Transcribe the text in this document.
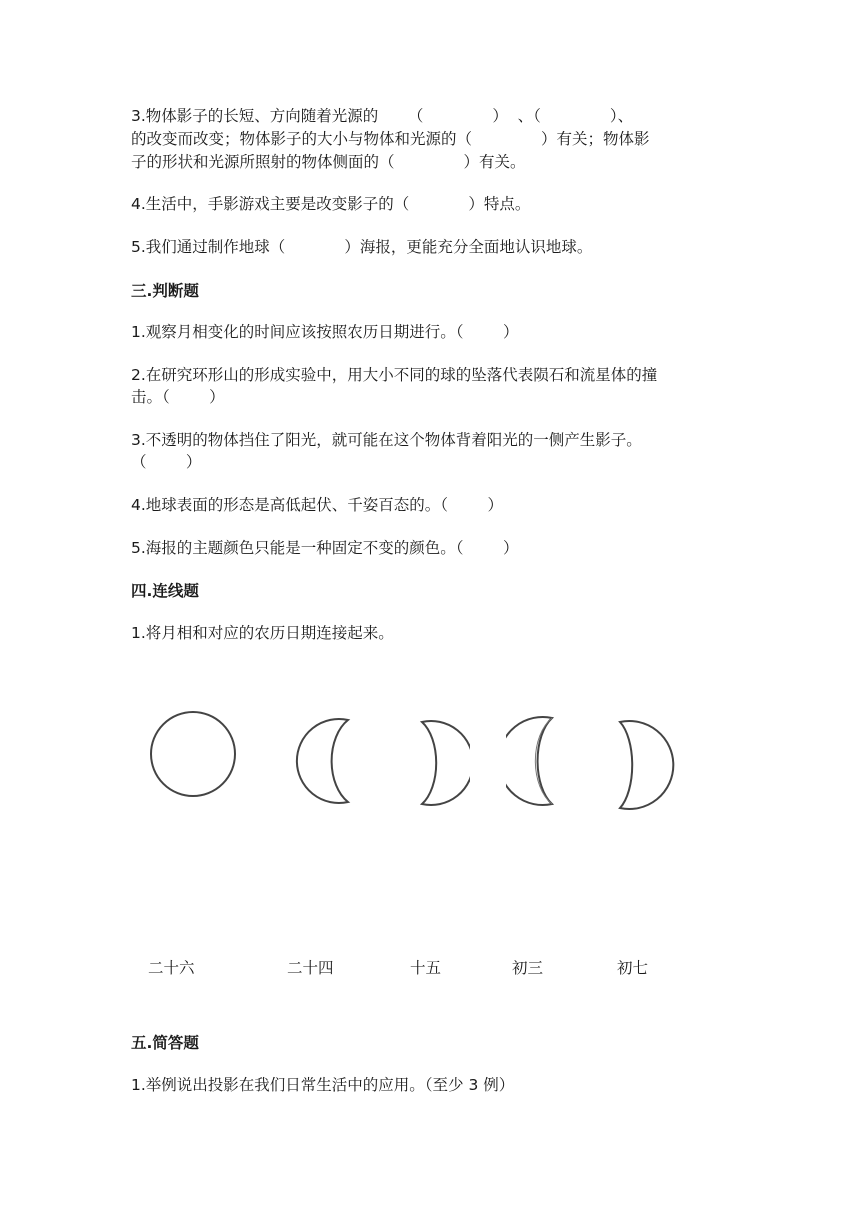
3.物体影子的长短、方向随着光源的      （              ）  、（              ）、
的改变而改变；物体影子的大小与物体和光源的（              ）有关；物体影
子的形状和光源所照射的物体侧面的（              ）有关。
4.生活中，手影游戏主要是改变影子的（            ）特点。
5.我们通过制作地球（            ）海报，更能充分全面地认识地球。
三.判断题
1.观察月相变化的时间应该按照农历日期进行。（        ）
2.在研究环形山的形成实验中，用大小不同的球的坠落代表陨石和流星体的撞
击。（        ）
3.不透明的物体挡住了阳光，就可能在这个物体背着阳光的一侧产生影子。
（        ）
4.地球表面的形态是高低起伏、千姿百态的。（        ）
5.海报的主题颜色只能是一种固定不变的颜色。（        ）
四.连线题
1.将月相和对应的农历日期连接起来。
二十六	二十四	十五	初三	初七
五.简答题
1.举例说出投影在我们日常生活中的应用。（至少 3 例）
